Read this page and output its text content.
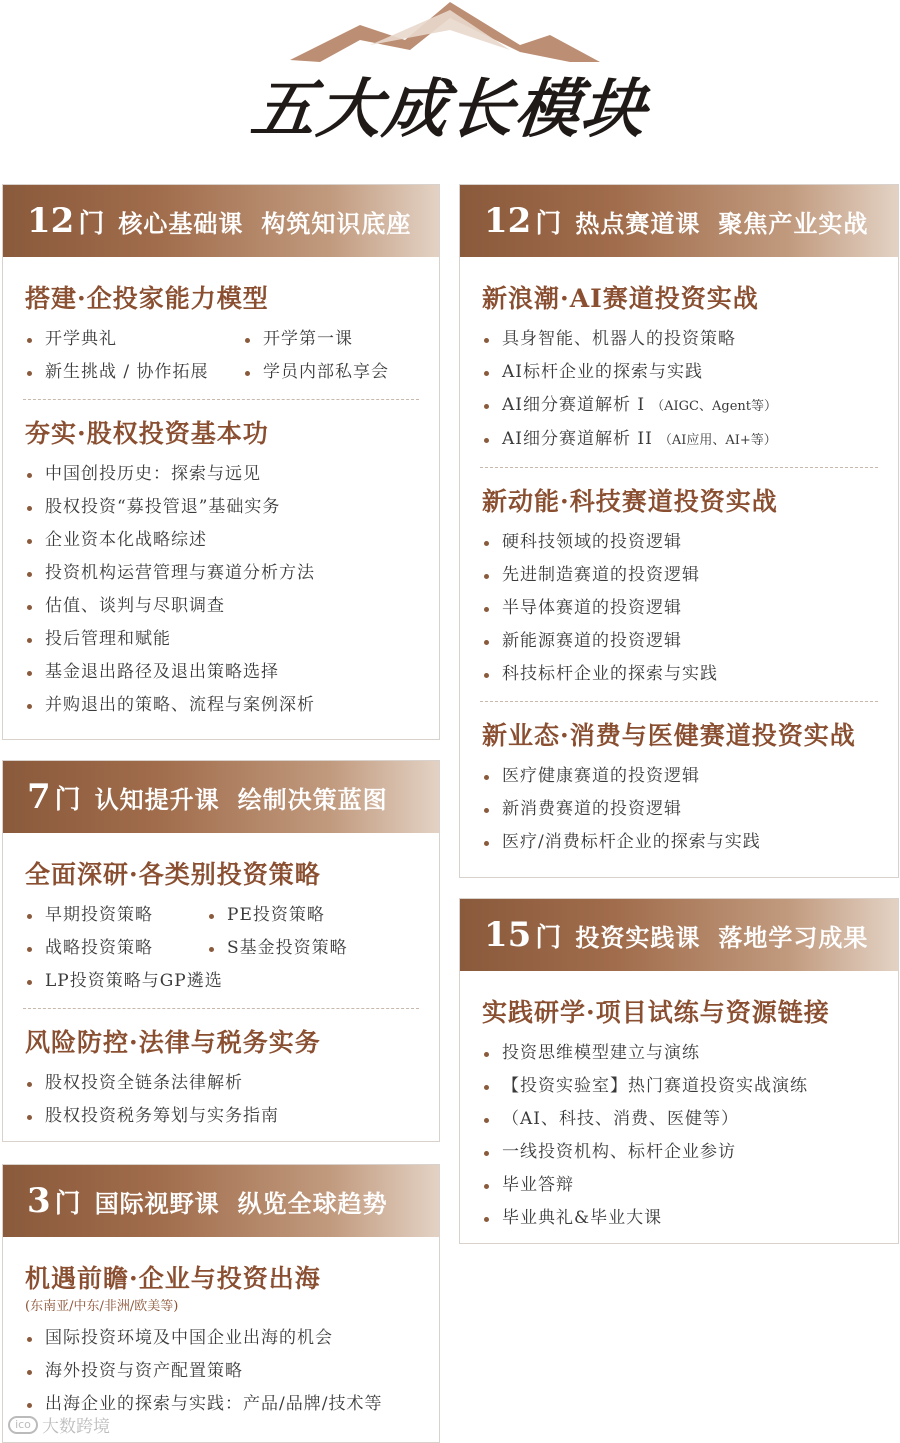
五大成长模块
12 门 核心基础课 构筑知识底座
搭建·企投家能力模型
开学典礼	开学第一课
新生挑战 / 协作拓展	学员内部私享会
夯实·股权投资基本功
中国创投历史：探索与远见
股权投资“募投管退”基础实务
企业资本化战略综述
投资机构运营管理与赛道分析方法
估值、谈判与尽职调查
投后管理和赋能
基金退出路径及退出策略选择
并购退出的策略、流程与案例深析
12 门 热点赛道课 聚焦产业实战
新浪潮·AI赛道投资实战
具身智能、机器人的投资策略
AI标杆企业的探索与实践
AI细分赛道解析 I （AIGC、Agent等）
AI细分赛道解析 II （AI应用、AI+等）
新动能·科技赛道投资实战
硬科技领域的投资逻辑
先进制造赛道的投资逻辑
半导体赛道的投资逻辑
新能源赛道的投资逻辑
科技标杆企业的探索与实践
新业态·消费与医健赛道投资实战
医疗健康赛道的投资逻辑
新消费赛道的投资逻辑
医疗/消费标杆企业的探索与实践
7 门 认知提升课 绘制决策蓝图
全面深研·各类别投资策略
早期投资策略	PE投资策略
战略投资策略	S基金投资策略
LP投资策略与GP遴选
风险防控·法律与税务实务
股权投资全链条法律解析
股权投资税务筹划与实务指南
15 门 投资实践课 落地学习成果
实践研学·项目试练与资源链接
投资思维模型建立与演练
【投资实验室】热门赛道投资实战演练
（AI、科技、消费、医健等）
一线投资机构、标杆企业参访
毕业答辩
毕业典礼&毕业大课
3 门 国际视野课 纵览全球趋势
机遇前瞻·企业与投资出海
(东南亚/中东/非洲/欧美等)
国际投资环境及中国企业出海的机会
海外投资与资产配置策略
出海企业的探索与实践：产品/品牌/技术等
ico 大数跨境
